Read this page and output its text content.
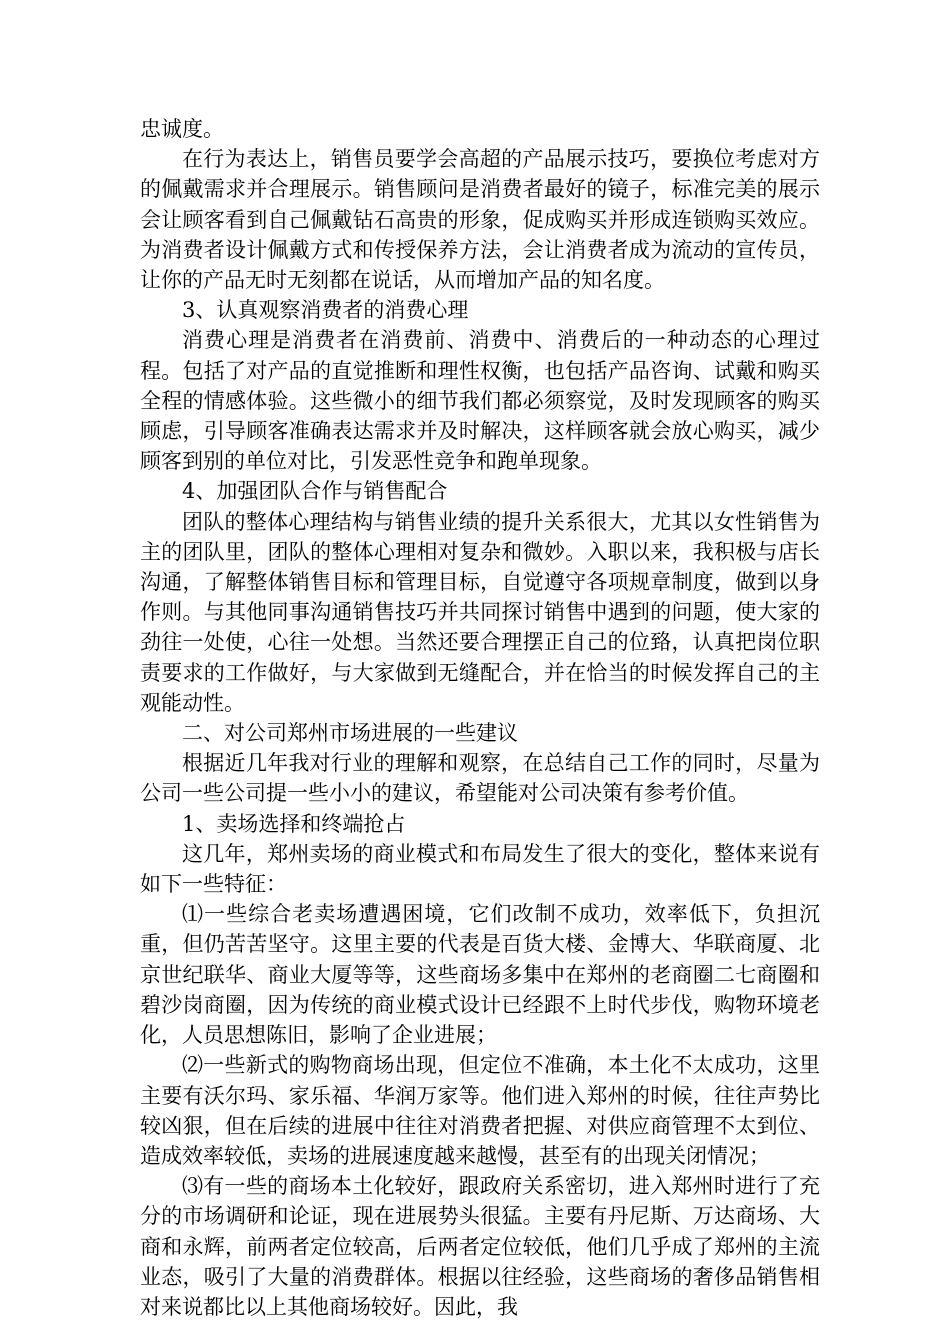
忠诚度。

在行为表达上，销售员要学会高超的产品展示技巧，要换位考虑对方的佩戴需求并合理展示。销售顾问是消费者最好的镜子，标准完美的展示会让顾客看到自己佩戴钻石高贵的形象，促成购买并形成连锁购买效应。为消费者设计佩戴方式和传授保养方法，会让消费者成为流动的宣传员，让你的产品无时无刻都在说话，从而增加产品的知名度。

3、认真观察消费者的消费心理

消费心理是消费者在消费前、消费中、消费后的一种动态的心理过程。包括了对产品的直觉推断和理性权衡，也包括产品咨询、试戴和购买全程的情感体验。这些微小的细节我们都必须察觉，及时发现顾客的购买顾虑，引导顾客准确表达需求并及时解决，这样顾客就会放心购买，减少顾客到别的单位对比，引发恶性竞争和跑单现象。

4、加强团队合作与销售配合

团队的整体心理结构与销售业绩的提升关系很大，尤其以女性销售为主的团队里，团队的整体心理相对复杂和微妙。入职以来，我积极与店长沟通，了解整体销售目标和管理目标，自觉遵守各项规章制度，做到以身作则。与其他同事沟通销售技巧并共同探讨销售中遇到的问题，使大家的劲往一处使，心往一处想。当然还要合理摆正自己的位臵，认真把岗位职责要求的工作做好，与大家做到无缝配合，并在恰当的时候发挥自己的主观能动性。

二、对公司郑州市场进展的一些建议

根据近几年我对行业的理解和观察，在总结自己工作的同时，尽量为公司一些公司提一些小小的建议，希望能对公司决策有参考价值。

1、卖场选择和终端抢占

这几年，郑州卖场的商业模式和布局发生了很大的变化，整体来说有如下一些特征：

⑴一些综合老卖场遭遇困境，它们改制不成功，效率低下，负担沉重，但仍苦苦坚守。这里主要的代表是百货大楼、金博大、华联商厦、北京世纪联华、商业大厦等等，这些商场多集中在郑州的老商圈二七商圈和碧沙岗商圈，因为传统的商业模式设计已经跟不上时代步伐，购物环境老化，人员思想陈旧，影响了企业进展；

⑵一些新式的购物商场出现，但定位不准确，本土化不太成功，这里主要有沃尔玛、家乐福、华润万家等。他们进入郑州的时候，往往声势比较凶狠，但在后续的进展中往往对消费者把握、对供应商管理不太到位、造成效率较低，卖场的进展速度越来越慢，甚至有的出现关闭情况；

⑶有一些的商场本土化较好，跟政府关系密切，进入郑州时进行了充分的市场调研和论证，现在进展势头很猛。主要有丹尼斯、万达商场、大商和永辉，前两者定位较高，后两者定位较低，他们几乎成了郑州的主流业态，吸引了大量的消费群体。根据以往经验，这些商场的奢侈品销售相对来说都比以上其他商场较好。因此，我
